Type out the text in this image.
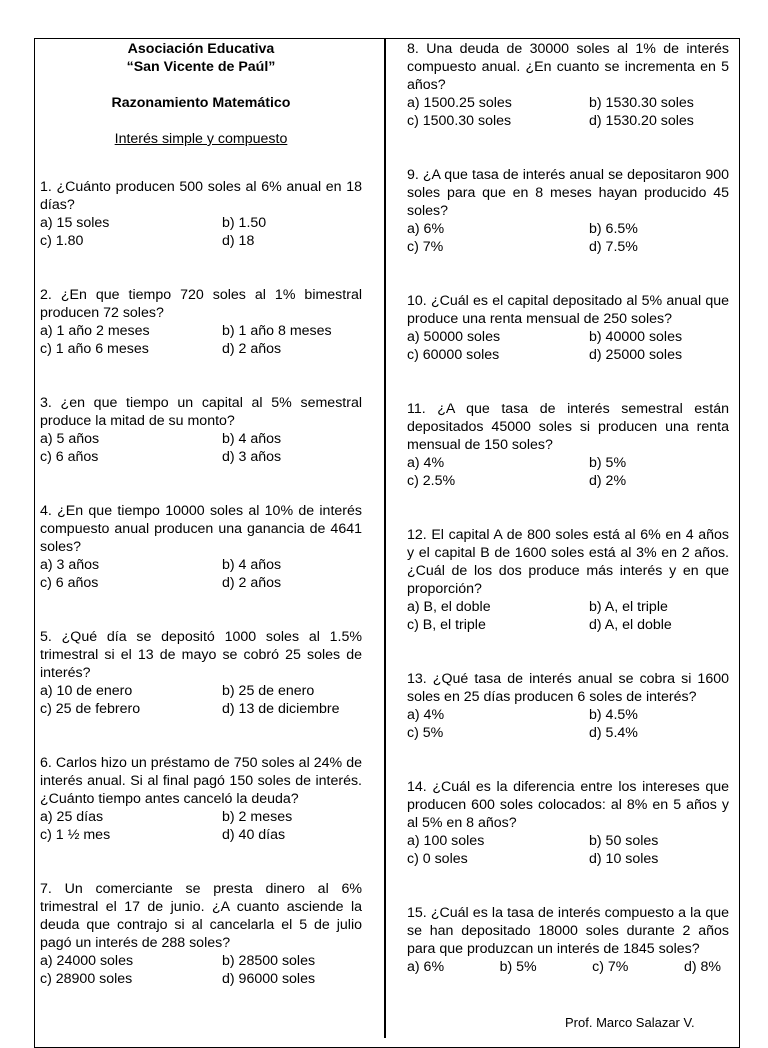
Asociación Educativa
“San Vicente de Paúl”
Razonamiento Matemático
Interés simple y compuesto
1. ¿Cuánto producen 500 soles al 6% anual en 18 días?
a) 15 soles	b) 1.50
c) 1.80	d) 18
2. ¿En que tiempo 720 soles al 1% bimestral producen 72 soles?
a) 1 año 2 meses	b) 1 año 8 meses
c) 1 año 6 meses	d) 2 años
3. ¿en que tiempo un capital al 5% semestral produce la mitad de su monto?
a) 5 años	b) 4 años
c) 6 años	d) 3 años
4. ¿En que tiempo 10000 soles al 10% de interés compuesto anual producen una ganancia de 4641 soles?
a) 3 años	b) 4 años
c) 6 años	d) 2 años
5. ¿Qué día se depositó 1000 soles al 1.5% trimestral si el 13 de mayo se cobró 25 soles de interés?
a) 10 de enero	b) 25 de enero
c) 25 de febrero	d) 13 de diciembre
6. Carlos hizo un préstamo de 750 soles al 24% de interés anual. Si al final pagó 150 soles de interés. ¿Cuánto tiempo antes canceló la deuda?
a) 25 días	b) 2 meses
c) 1 ½ mes	d) 40 días
7. Un comerciante se presta dinero al 6% trimestral el 17 de junio. ¿A cuanto asciende la deuda que contrajo si al cancelarla el 5 de julio pagó un interés de 288 soles?
a) 24000 soles	b) 28500 soles
c) 28900 soles	d) 96000 soles
8. Una deuda de 30000 soles al 1% de interés compuesto anual. ¿En cuanto se incrementa en 5 años?
a) 1500.25 soles	b) 1530.30 soles
c) 1500.30 soles	d) 1530.20 soles
9. ¿A que tasa de interés anual se depositaron 900 soles para que en 8 meses hayan producido 45 soles?
a) 6%	b) 6.5%
c) 7%	d) 7.5%
10. ¿Cuál es el capital depositado al 5% anual que produce una renta mensual de 250 soles?
a) 50000 soles	b) 40000 soles
c) 60000 soles	d) 25000 soles
11. ¿A que tasa de interés semestral están depositados 45000 soles si producen una renta mensual de 150 soles?
a) 4%	b) 5%
c) 2.5%	d) 2%
12. El capital A de 800 soles está al 6% en 4 años y el capital B de 1600 soles está al 3% en 2 años. ¿Cuál de los dos produce más interés y en que proporción?
a) B, el doble	b) A, el triple
c) B, el triple	d) A, el doble
13. ¿Qué tasa de interés anual se cobra si 1600 soles en 25 días producen 6 soles de interés?
a) 4%	b) 4.5%
c) 5%	d) 5.4%
14. ¿Cuál es la diferencia entre los intereses que producen 600 soles colocados: al 8% en 5 años y al 5% en 8 años?
a) 100 soles	b) 50 soles
c) 0 soles	d) 10 soles
15. ¿Cuál es la tasa de interés compuesto a la que se han depositado 18000 soles durante 2 años para que produzcan un interés de 1845 soles?
a) 6%	b) 5%	c) 7%	d) 8%
Prof. Marco Salazar V.
